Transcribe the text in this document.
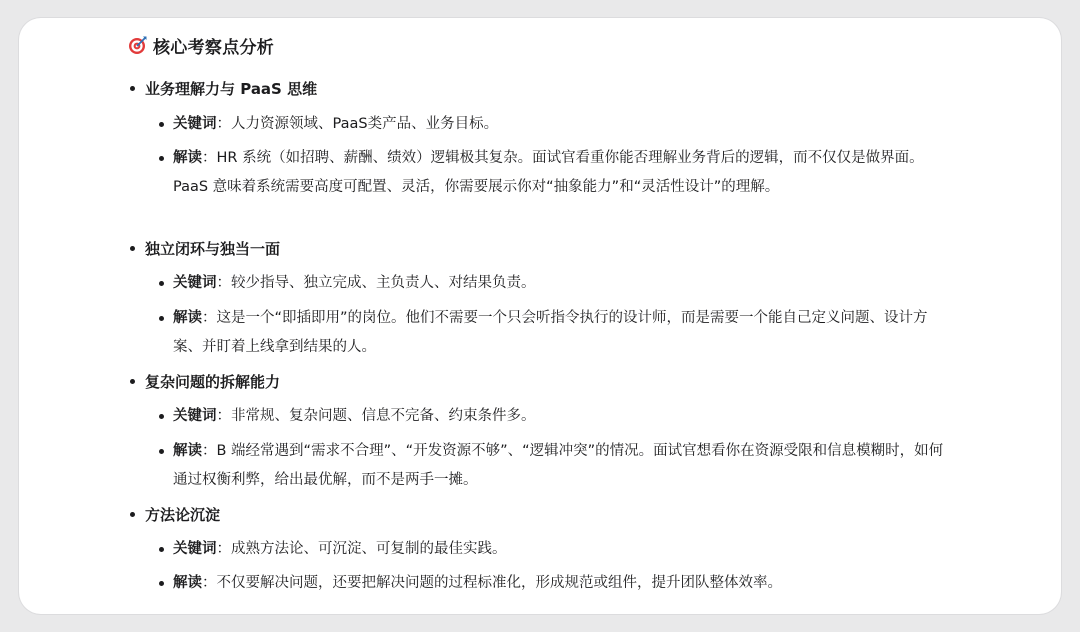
核心考察点分析
业务理解力与 PaaS 思维
关键词：人力资源领域、PaaS类产品、业务目标。
解读：HR 系统（如招聘、薪酬、绩效）逻辑极其复杂。面试官看重你能否理解业务背后的逻辑，而不仅仅是做界面。PaaS 意味着系统需要高度可配置、灵活，你需要展示你对“抽象能力”和“灵活性设计”的理解。
独立闭环与独当一面
关键词：较少指导、独立完成、主负责人、对结果负责。
解读：这是一个“即插即用”的岗位。他们不需要一个只会听指令执行的设计师，而是需要一个能自己定义问题、设计方案、并盯着上线拿到结果的人。
复杂问题的拆解能力
关键词：非常规、复杂问题、信息不完备、约束条件多。
解读：B 端经常遇到“需求不合理”、“开发资源不够”、“逻辑冲突”的情况。面试官想看你在资源受限和信息模糊时，如何通过权衡利弊，给出最优解，而不是两手一摊。
方法论沉淀
关键词：成熟方法论、可沉淀、可复制的最佳实践。
解读：不仅要解决问题，还要把解决问题的过程标准化，形成规范或组件，提升团队整体效率。
